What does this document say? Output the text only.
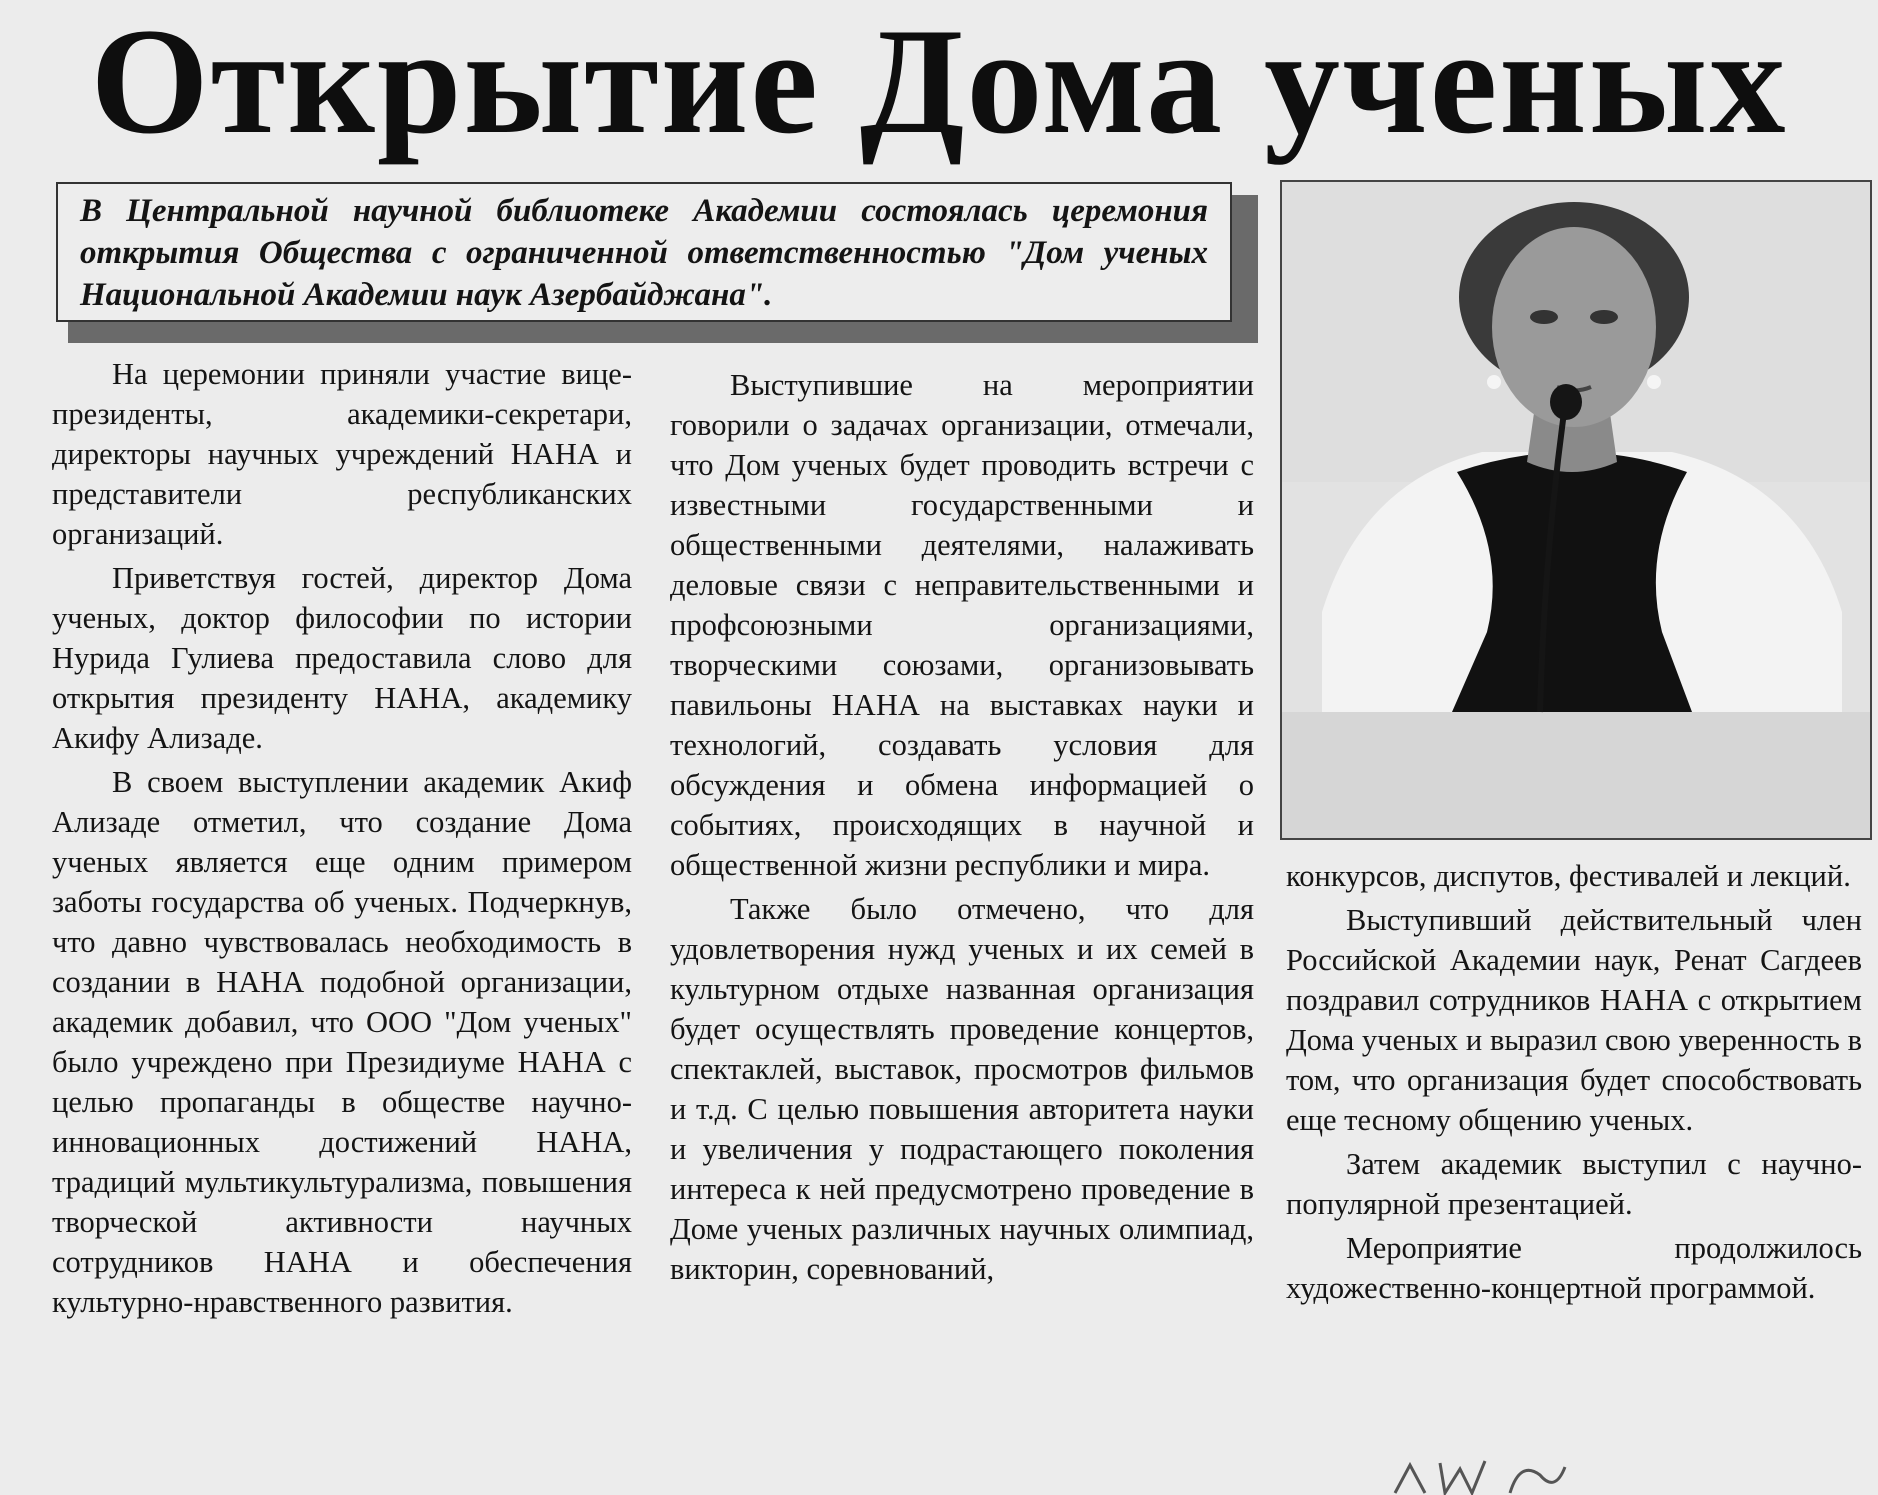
Открытие Дома ученых
В Центральной научной библиотеке Академии состоялась церемония открытия Общества с ограниченной ответственностью "Дом ученых Национальной Академии наук Азербайджана".

На церемонии приняли участие вице-президенты, академики-секретари, директоры научных учреждений НАНА и представители республиканских организаций.

Приветствуя гостей, директор Дома ученых, доктор философии по истории Нурида Гулиева предоставила слово для открытия президенту НАНА, академику Акифу Ализаде.

В своем выступлении академик Акиф Ализаде отметил, что создание Дома ученых является еще одним примером заботы государства об ученых. Подчеркнув, что давно чувствовалась необходимость в создании в НАНА подобной организации, академик добавил, что ООО "Дом ученых" было учреждено при Президиуме НАНА с целью пропаганды в обществе научно-инновационных достижений НАНА, традиций мультикультурализма, повышения творческой активности научных сотрудников НАНА и обеспечения культурно-нравственного развития.

Выступившие на мероприятии говорили о задачах организации, отмечали, что Дом ученых будет проводить встречи с известными государственными и общественными деятелями, налаживать деловые связи с неправительственными и профсоюзными организациями, творческими союзами, организовывать павильоны НАНА на выставках науки и технологий, создавать условия для обсуждения и обмена информацией о событиях, происходящих в научной и общественной жизни республики и мира.

Также было отмечено, что для удовлетворения нужд ученых и их семей в культурном отдыхе названная организация будет осуществлять проведение концертов, спектаклей, выставок, просмотров фильмов и т.д. С целью повышения авторитета науки и увеличения у подрастающего поколения интереса к ней предусмотрено проведение в Доме ученых различных научных олимпиад, викторин, соревнований,

конкурсов, диспутов, фестивалей и лекций.

Выступивший действительный член Российской Академии наук, Ренат Сагдеев поздравил сотрудников НАНА с открытием Дома ученых и выразил свою уверенность в том, что организация будет способствовать еще тесному общению ученых.

Затем академик выступил с научно-популярной презентацией.

Мероприятие продолжилось художественно-концертной программой.
